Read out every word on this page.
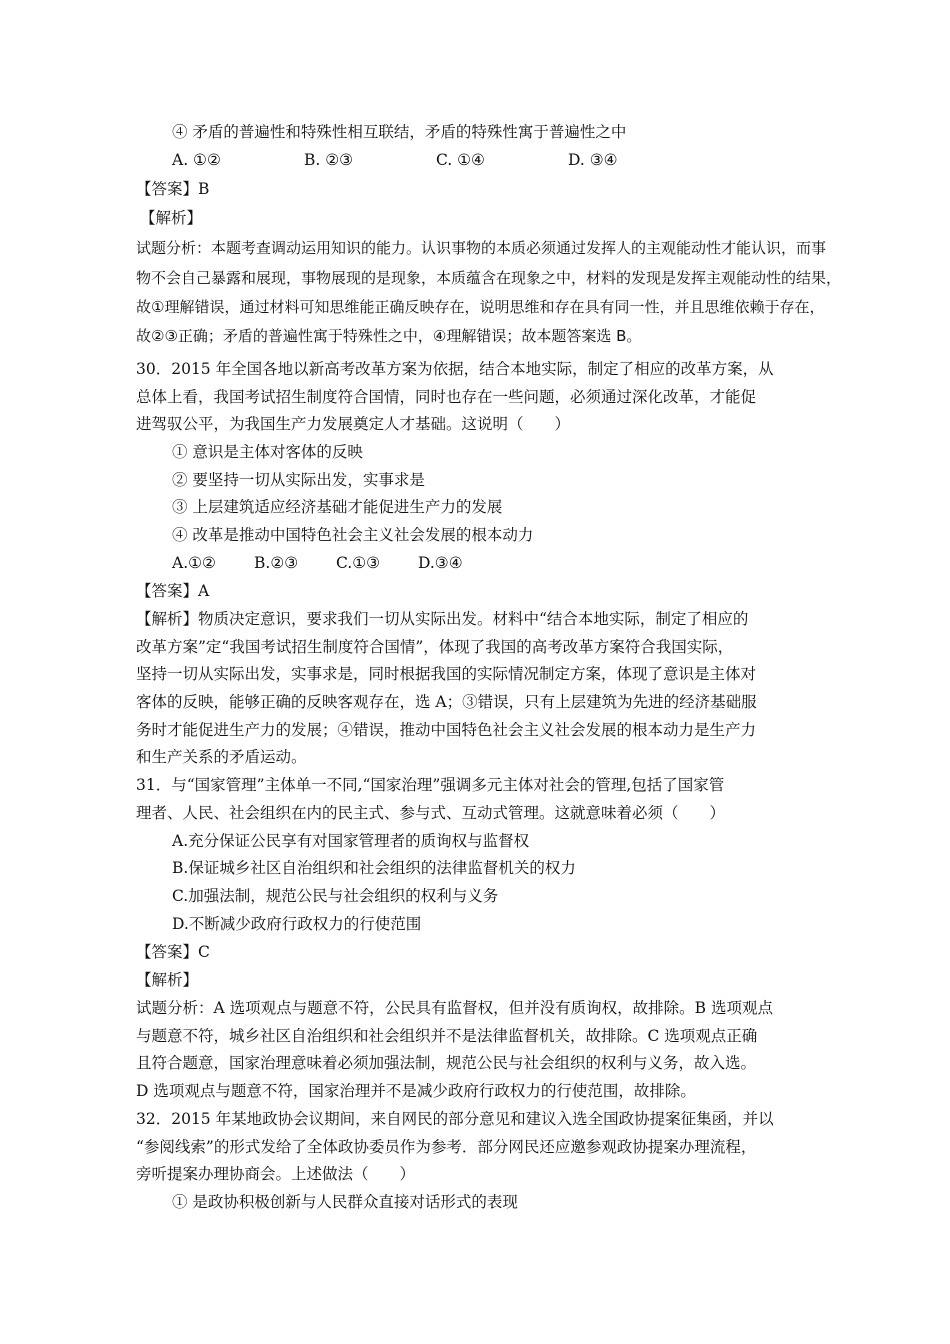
④ 矛盾的普遍性和特殊性相互联结，矛盾的特殊性寓于普遍性之中
A. ①②	B. ②③	C. ①④	D. ③④
【答案】B
【解析】
试题分析：本题考查调动运用知识的能力。认识事物的本质必须通过发挥人的主观能动性才能认识，而事
物不会自己暴露和展现，事物展现的是现象，本质蕴含在现象之中，材料的发现是发挥主观能动性的结果，
故①理解错误，通过材料可知思维能正确反映存在，说明思维和存在具有同一性，并且思维依赖于存在，
故②③正确；矛盾的普遍性寓于特殊性之中，④理解错误；故本题答案选 B。
30．2015 年全国各地以新高考改革方案为依据，结合本地实际，制定了相应的改革方案，从
总体上看，我国考试招生制度符合国情，同时也存在一些问题，必须通过深化改革，才能促
进驾驭公平，为我国生产力发展奠定人才基础。这说明（　　）
① 意识是主体对客体的反映
② 要坚持一切从实际出发，实事求是
③ 上层建筑适应经济基础才能促进生产力的发展
④ 改革是推动中国特色社会主义社会发展的根本动力
A.①② B.②③ C.①③ D.③④
【答案】A
【解析】物质决定意识，要求我们一切从实际出发。材料中“结合本地实际，制定了相应的
改革方案”定“我国考试招生制度符合国情”，体现了我国的高考改革方案符合我国实际，
坚持一切从实际出发，实事求是，同时根据我国的实际情况制定方案，体现了意识是主体对
客体的反映，能够正确的反映客观存在，选 A；③错误，只有上层建筑为先进的经济基础服
务时才能促进生产力的发展；④错误，推动中国特色社会主义社会发展的根本动力是生产力
和生产关系的矛盾运动。
31．与“国家管理”主体单一不同,“国家治理”强调多元主体对社会的管理,包括了国家管
理者、人民、社会组织在内的民主式、参与式、互动式管理。这就意味着必须（　　）
A.充分保证公民享有对国家管理者的质询权与监督权
B.保证城乡社区自治组织和社会组织的法律监督机关的权力
C.加强法制，规范公民与社会组织的权利与义务
D.不断减少政府行政权力的行使范围
【答案】C
【解析】
试题分析：A 选项观点与题意不符，公民具有监督权，但并没有质询权，故排除。B 选项观点
与题意不符，城乡社区自治组织和社会组织并不是法律监督机关，故排除。C 选项观点正确
且符合题意，国家治理意味着必须加强法制，规范公民与社会组织的权利与义务，故入选。
D 选项观点与题意不符，国家治理并不是减少政府行政权力的行使范围，故排除。
32．2015 年某地政协会议期间，来自网民的部分意见和建议入选全国政协提案征集函，并以
“参阅线索”的形式发给了全体政协委员作为参考．部分网民还应邀参观政协提案办理流程，
旁听提案办理协商会。上述做法（　　）
① 是政协积极创新与人民群众直接对话形式的表现
